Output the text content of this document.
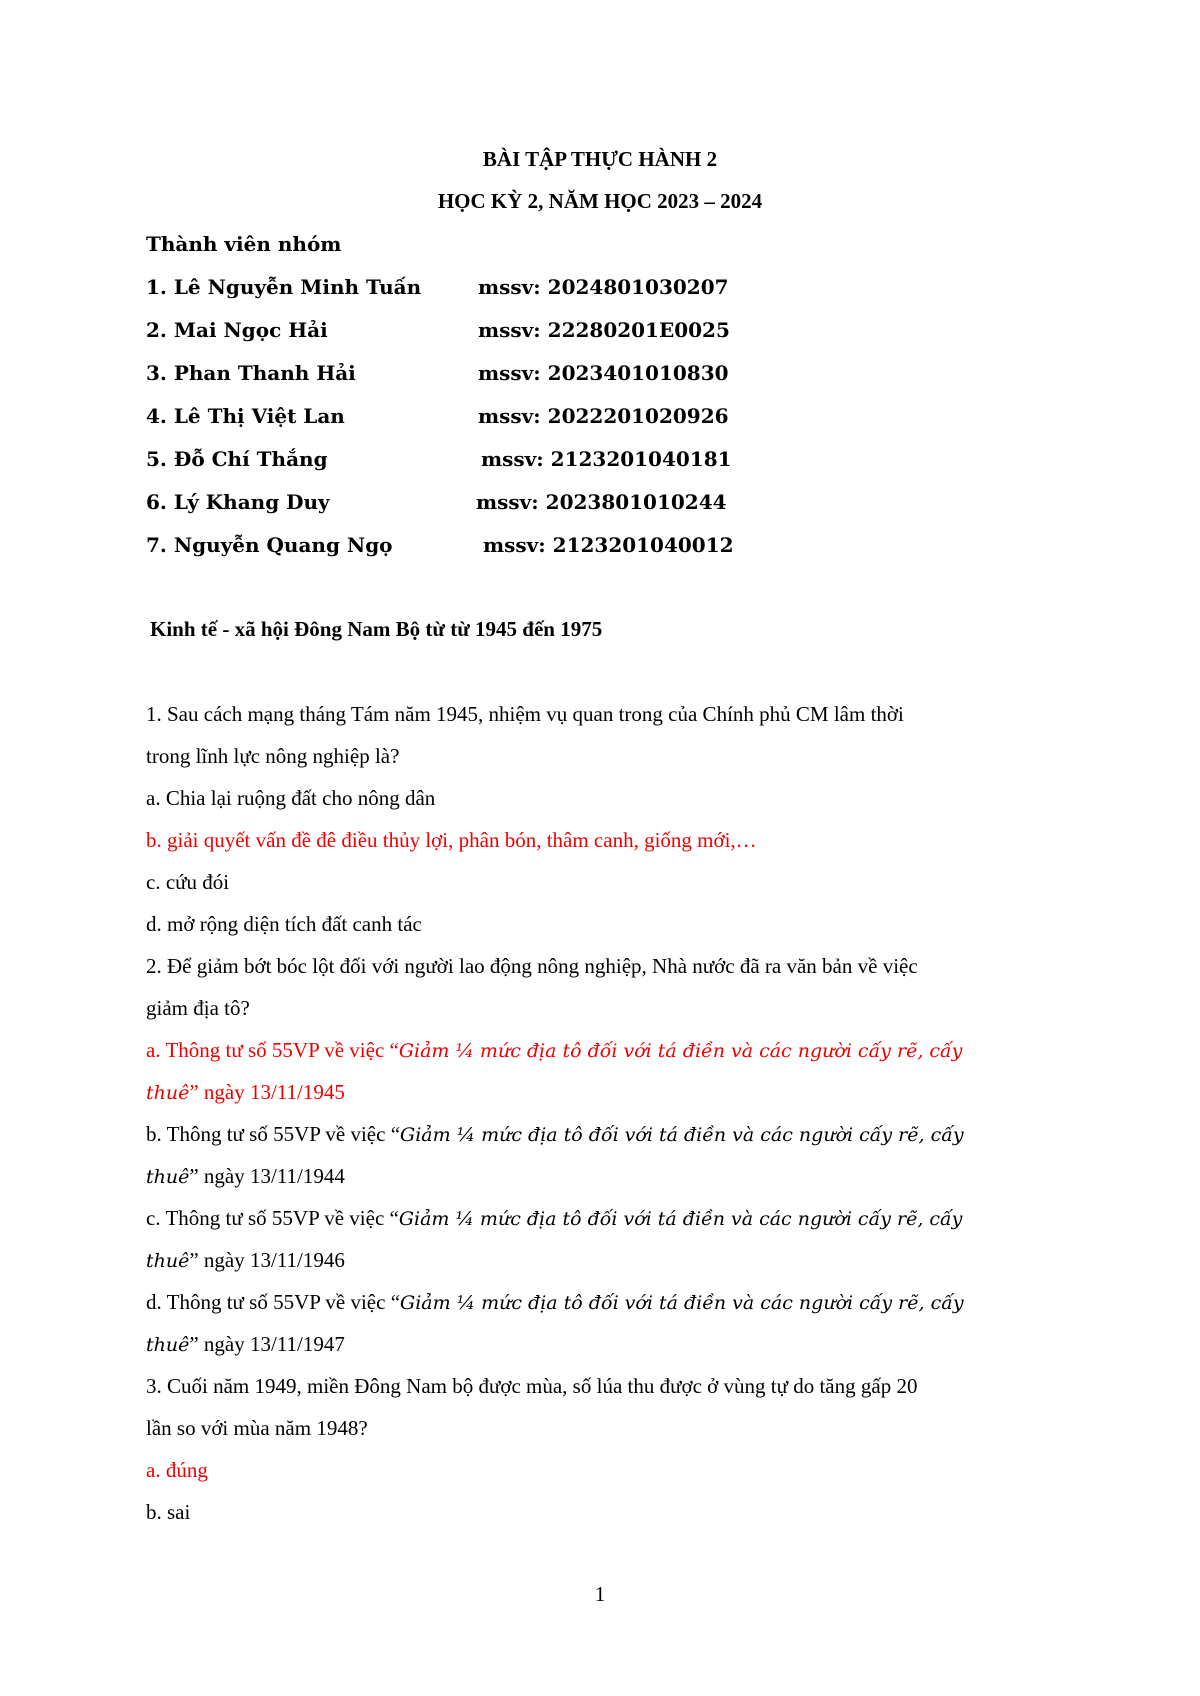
BÀI TẬP THỰC HÀNH 2
HỌC KỲ 2, NĂM HỌC 2023 – 2024
Thành viên nhóm
1. Lê Nguyễn Minh Tuấn	mssv: 2024801030207
2. Mai Ngọc Hải	mssv: 22280201E0025
3. Phan Thanh Hải	mssv: 2023401010830
4. Lê Thị Việt Lan	mssv: 2022201020926
5. Đỗ Chí Thắng	mssv: 2123201040181
6. Lý Khang Duy	mssv: 2023801010244
7. Nguyễn Quang Ngọ	mssv: 2123201040012
Kinh tế - xã hội Đông Nam Bộ từ từ 1945 đến 1975
1. Sau cách mạng tháng Tám năm 1945, nhiệm vụ quan trong của Chính phủ CM lâm thời
trong lĩnh lực nông nghiệp là?
a. Chia lại ruộng đất cho nông dân
b. giải quyết vấn đề đê điều thủy lợi, phân bón, thâm canh, giống mới,…
c. cứu đói
d. mở rộng diện tích đất canh tác
2. Để giảm bớt bóc lột đối với người lao động nông nghiệp, Nhà nước đã ra văn bản về việc
giảm địa tô?
a. Thông tư số 55VP về việc “Giảm ¼ mức địa tô đối với tá điền và các người cấy rẽ, cấy
thuê” ngày 13/11/1945
b. Thông tư số 55VP về việc “Giảm ¼ mức địa tô đối với tá điền và các người cấy rẽ, cấy
thuê” ngày 13/11/1944
c. Thông tư số 55VP về việc “Giảm ¼ mức địa tô đối với tá điền và các người cấy rẽ, cấy
thuê” ngày 13/11/1946
d. Thông tư số 55VP về việc “Giảm ¼ mức địa tô đối với tá điền và các người cấy rẽ, cấy
thuê” ngày 13/11/1947
3. Cuối năm 1949, miền Đông Nam bộ được mùa, số lúa thu được ở vùng tự do tăng gấp 20
lần so với mùa năm 1948?
a. đúng
b. sai
1
